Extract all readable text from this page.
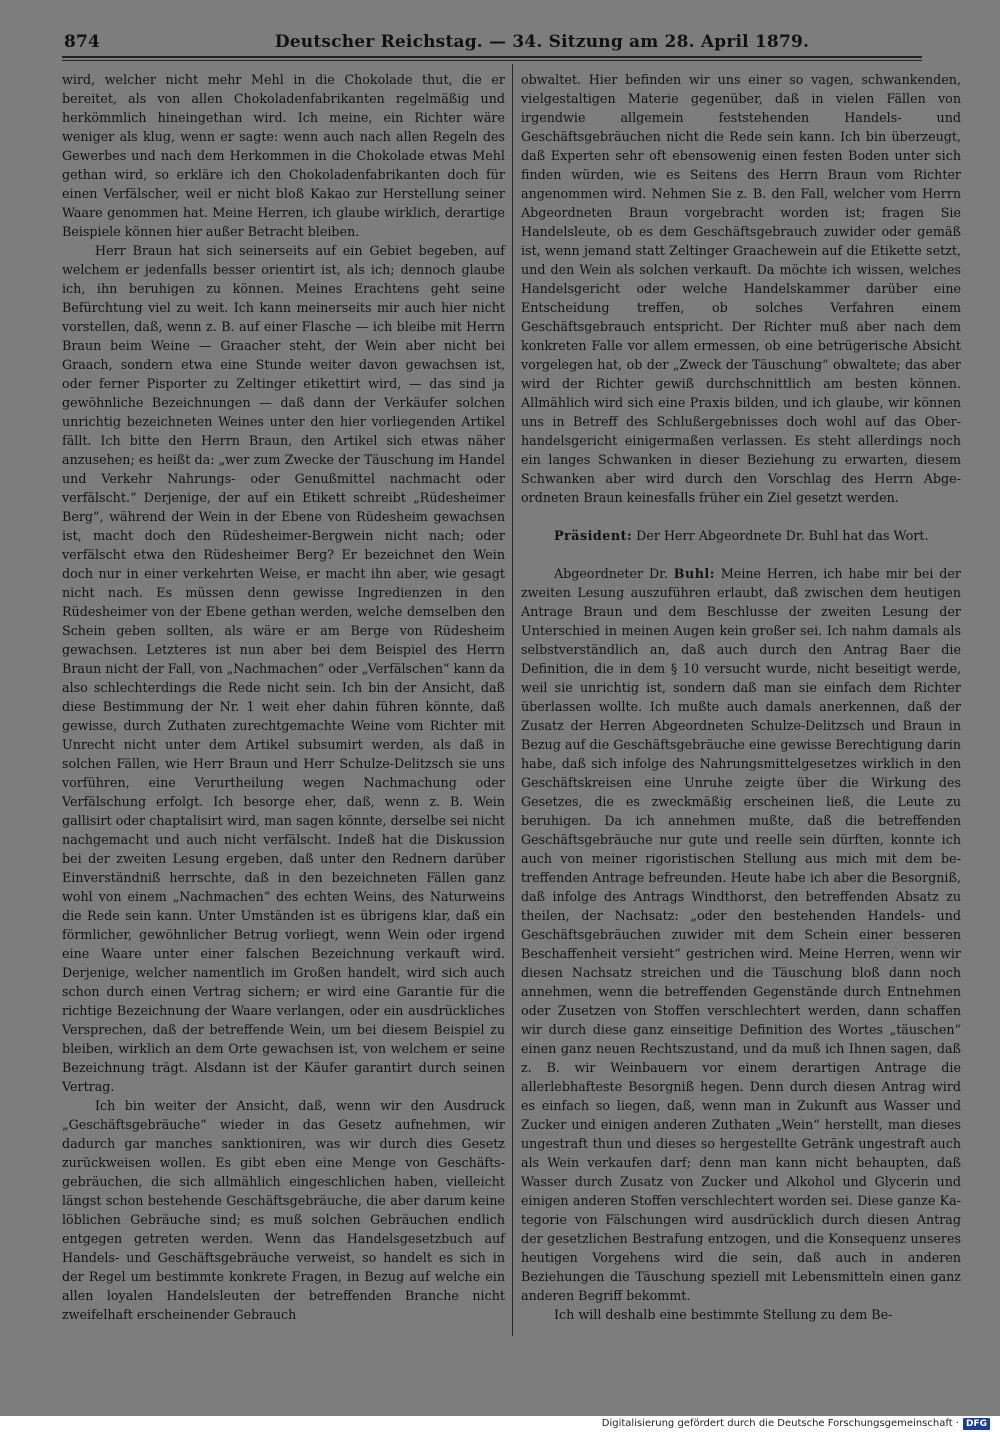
874	Deutscher Reichstag. — 34. Sitzung am 28. April 1879.

wird, welcher nicht mehr Mehl in die Chokolade thut, die er bereitet, als von allen Chokoladenfabrikanten regelmäßig und herkömmlich hineingethan wird. Ich meine, ein Richter wäre weniger als klug, wenn er sagte: wenn auch nach allen Regeln des Gewerbes und nach dem Herkommen in die Chokolade etwas Mehl gethan wird, so erkläre ich den Chokoladenfabrikanten doch für einen Verfälscher, weil er nicht bloß Kakao zur Herstellung seiner Waare genommen hat. Meine Herren, ich glaube wirklich, derartige Beispiele können hier außer Betracht bleiben.

Herr Braun hat sich seinerseits auf ein Gebiet begeben, auf welchem er jedenfalls besser orientirt ist, als ich; dennoch glaube ich, ihn beruhigen zu können. Meines Erachtens geht seine Befürchtung viel zu weit. Ich kann meinerseits mir auch hier nicht vorstellen, daß, wenn z. B. auf einer Flasche — ich bleibe mit Herrn Braun beim Weine — Graacher steht, der Wein aber nicht bei Graach, sondern etwa eine Stunde weiter davon gewachsen ist, oder ferner Pisporter zu Zeltinger etikettirt wird, — das sind ja gewöhnliche Bezeichnungen — daß dann der Verkäufer solchen unrichtig bezeichneten Weines unter den hier vorliegenden Artikel fällt. Ich bitte den Herrn Braun, den Artikel sich etwas näher anzusehen; es heißt da: „wer zum Zwecke der Täuschung im Handel und Verkehr Nahrungs- oder Genußmittel nachmacht oder verfälscht.“ Derjenige, der auf ein Etikett schreibt „Rüdesheimer Berg“, während der Wein in der Ebene von Rüdesheim gewachsen ist, macht doch den Rüdesheimer-Bergwein nicht nach; oder verfälscht etwa den Rüdesheimer Berg? Er bezeichnet den Wein doch nur in einer verkehrten Weise, er macht ihn aber, wie gesagt nicht nach. Es müssen denn gewisse Ingredienzen in den Rüdesheimer von der Ebene gethan werden, welche demselben den Schein geben sollten, als wäre er am Berge von Rüdesheim gewachsen. Letzteres ist nun aber bei dem Beispiel des Herrn Braun nicht der Fall, von „Nachmachen“ oder „Verfälschen“ kann da also schlechterdings die Rede nicht sein. Ich bin der Ansicht, daß diese Bestimmung der Nr. 1 weit eher dahin führen könnte, daß gewisse, durch Zuthaten zurechtgemachte Weine vom Richter mit Unrecht nicht unter dem Artikel subsumirt werden, als daß in solchen Fällen, wie Herr Braun und Herr Schulze-Delitzsch sie uns vorführen, eine Verurtheilung wegen Nachmachung oder Verfälschung erfolgt. Ich besorge eher, daß, wenn z. B. Wein gallisirt oder chaptalisirt wird, man sagen könnte, derselbe sei nicht nachgemacht und auch nicht verfälscht. Indeß hat die Diskussion bei der zweiten Lesung ergeben, daß unter den Rednern darüber Einverständniß herrschte, daß in den bezeichneten Fällen ganz wohl von einem „Nachmachen“ des echten Weins, des Naturweins die Rede sein kann. Unter Umständen ist es übrigens klar, daß ein förmlicher, gewöhnlicher Betrug vorliegt, wenn Wein oder irgend eine Waare unter einer falschen Bezeichnung verkauft wird. Derjenige, welcher namentlich im Großen handelt, wird sich auch schon durch einen Vertrag sichern; er wird eine Garantie für die richtige Bezeichnung der Waare verlangen, oder ein ausdrückliches Versprechen, daß der betreffende Wein, um bei diesem Beispiel zu bleiben, wirklich an dem Orte gewachsen ist, von welchem er seine Bezeichnung trägt. Alsdann ist der Käufer garantirt durch seinen Vertrag.

Ich bin weiter der Ansicht, daß, wenn wir den Ausdruck „Geschäftsgebräuche“ wieder in das Gesetz aufnehmen, wir dadurch gar manches sanktioniren, was wir durch dies Gesetz zurückweisen wollen. Es gibt eben eine Menge von Geschäftsgebräuchen, die sich allmählich eingeschlichen haben, vielleicht längst schon bestehende Geschäftsgebräuche, die aber darum keine löblichen Gebräuche sind; es muß solchen Gebräuchen endlich entgegen getreten werden. Wenn das Handelsgesetzbuch auf Handels- und Geschäftsgebräuche verweist, so handelt es sich in der Regel um bestimmte konkrete Fragen, in Bezug auf welche ein allen loyalen Handelsleuten der betreffenden Branche nicht zweifelhaft erscheinender Gebrauch

obwaltet. Hier befinden wir uns einer so vagen, schwankenden, vielgestaltigen Materie gegenüber, daß in vielen Fällen von irgendwie allgemein feststehenden Handels- und Geschäftsgebräuchen nicht die Rede sein kann. Ich bin überzeugt, daß Experten sehr oft ebensowenig einen festen Boden unter sich finden würden, wie es Seitens des Herrn Braun vom Richter angenommen wird. Nehmen Sie z. B. den Fall, welcher vom Herrn Abgeordneten Braun vorgebracht worden ist; fragen Sie Handelsleute, ob es dem Geschäftsgebrauch zuwider oder gemäß ist, wenn jemand statt Zeltinger Graachewein auf die Etikette setzt, und den Wein als solchen verkauft. Da möchte ich wissen, welches Handelsgericht oder welche Handelskammer darüber eine Entscheidung treffen, ob solches Verfahren einem Geschäftsgebrauch entspricht. Der Richter muß aber nach dem konkreten Falle vor allem ermessen, ob eine betrügerische Absicht vorgelegen hat, ob der „Zweck der Täuschung“ obwaltete; das aber wird der Richter gewiß durchschnittlich am besten können. Allmählich wird sich eine Praxis bilden, und ich glaube, wir können uns in Betreff des Schlußergebnisses doch wohl auf das Oberhandelsgericht einigermaßen verlassen. Es steht allerdings noch ein langes Schwanken in dieser Beziehung zu erwarten, diesem Schwanken aber wird durch den Vorschlag des Herrn Abgeordneten Braun keinesfalls früher ein Ziel gesetzt werden.

Präsident: Der Herr Abgeordnete Dr. Buhl hat das Wort.

Abgeordneter Dr. Buhl: Meine Herren, ich habe mir bei der zweiten Lesung auszuführen erlaubt, daß zwischen dem heutigen Antrage Braun und dem Beschlusse der zweiten Lesung der Unterschied in meinen Augen kein großer sei. Ich nahm damals als selbstverständlich an, daß auch durch den Antrag Baer die Definition, die in dem § 10 versucht wurde, nicht beseitigt werde, weil sie unrichtig ist, sondern daß man sie einfach dem Richter überlassen wollte. Ich mußte auch damals anerkennen, daß der Zusatz der Herren Abgeordneten Schulze-Delitzsch und Braun in Bezug auf die Geschäftsgebräuche eine gewisse Berechtigung darin habe, daß sich infolge des Nahrungsmittelgesetzes wirklich in den Geschäftskreisen eine Unruhe zeigte über die Wirkung des Gesetzes, die es zweckmäßig erscheinen ließ, die Leute zu beruhigen. Da ich annehmen mußte, daß die betreffenden Geschäftsgebräuche nur gute und reelle sein dürften, konnte ich auch von meiner rigoristischen Stellung aus mich mit dem betreffenden Antrage befreunden. Heute habe ich aber die Besorgniß, daß infolge des Antrags Windthorst, den betreffenden Absatz zu theilen, der Nachsatz: „oder den bestehenden Handels- und Geschäftsgebräuchen zuwider mit dem Schein einer besseren Beschaffenheit versieht“ gestrichen wird. Meine Herren, wenn wir diesen Nachsatz streichen und die Täuschung bloß dann noch annehmen, wenn die betreffenden Gegenstände durch Entnehmen oder Zusetzen von Stoffen verschlechtert werden, dann schaffen wir durch diese ganz einseitige Definition des Wortes „täuschen“ einen ganz neuen Rechtszustand, und da muß ich Ihnen sagen, daß z. B. wir Weinbauern vor einem derartigen Antrage die allerlebhafteste Besorgniß hegen. Denn durch diesen Antrag wird es einfach so liegen, daß, wenn man in Zukunft aus Wasser und Zucker und einigen anderen Zuthaten „Wein“ herstellt, man dieses ungestraft thun und dieses so hergestellte Getränk ungestraft auch als Wein verkaufen darf; denn man kann nicht behaupten, daß Wasser durch Zusatz von Zucker und Alkohol und Glycerin und einigen anderen Stoffen verschlechtert worden sei. Diese ganze Kategorie von Fälschungen wird ausdrücklich durch diesen Antrag der gesetzlichen Bestrafung entzogen, und die Konsequenz unseres heutigen Vorgehens wird die sein, daß auch in anderen Beziehungen die Täuschung speziell mit Lebensmitteln einen ganz anderen Begriff bekommt.

Ich will deshalb eine bestimmte Stellung zu dem Be-

Digitalisierung gefördert durch die Deutsche Forschungsgemeinschaft · DFG
